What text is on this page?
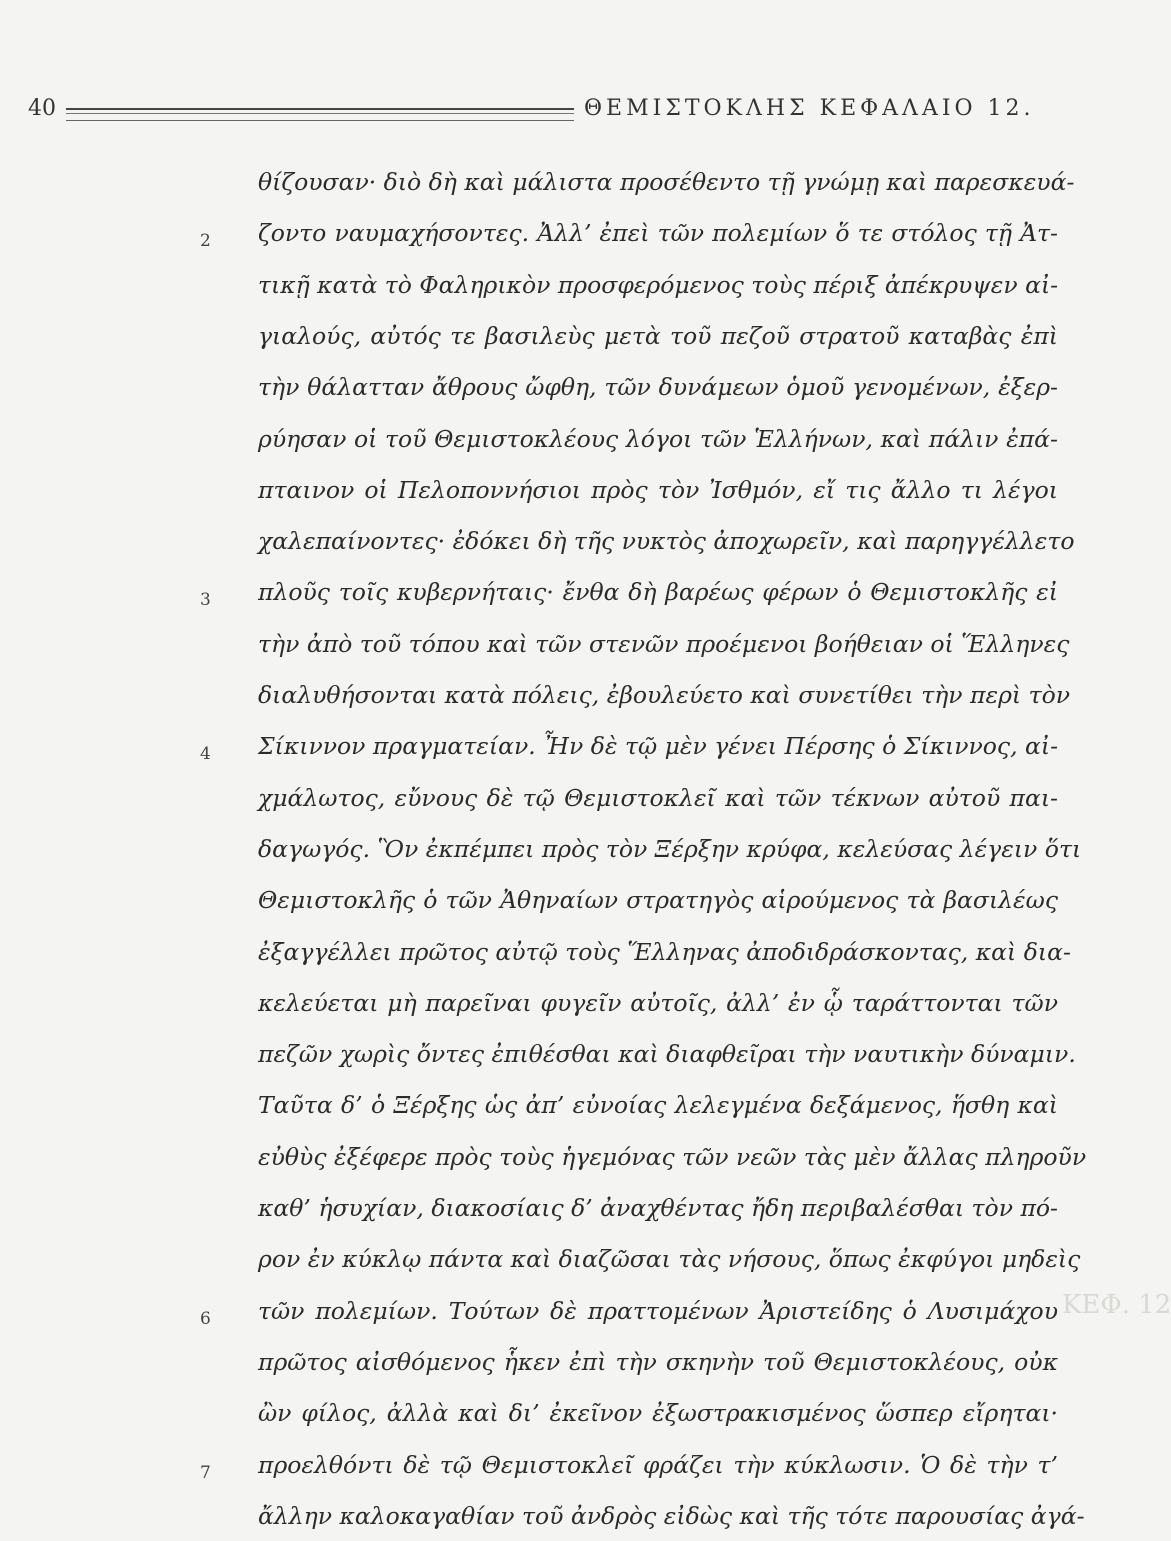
40	ΘΕΜΙΣΤΟΚΛΗΣ ΚΕΦΑΛΑΙΟ 12.
ΚΕΦ. 12
θίζουσαν· διὸ δὴ καὶ μάλιστα προσέθεντο τῇ γνώμῃ καὶ παρεσκευά-
ζοντο ναυμαχήσοντες. Ἀλλ’ ἐπεὶ τῶν πολεμίων ὅ τε στόλος τῇ Ἀτ-
2
τικῇ κατὰ τὸ Φαληρικὸν προσφερόμενος τοὺς πέριξ ἀπέκρυψεν αἰ-
γιαλούς, αὐτός τε βασιλεὺς μετὰ τοῦ πεζοῦ στρατοῦ καταβὰς ἐπὶ
τὴν θάλατταν ἄθρους ὤφθη, τῶν δυνάμεων ὁμοῦ γενομένων, ἐξερ-
ρύησαν οἱ τοῦ Θεμιστοκλέους λόγοι τῶν Ἑλλήνων, καὶ πάλιν ἐπά-
πταινον οἱ Πελοποννήσιοι πρὸς τὸν Ἰσθμόν, εἴ τις ἄλλο τι λέγοι
χαλεπαίνοντες· ἐδόκει δὴ τῆς νυκτὸς ἀποχωρεῖν, καὶ παρηγγέλλετο
πλοῦς τοῖς κυβερνήταις· ἔνθα δὴ βαρέως φέρων ὁ Θεμιστοκλῆς εἰ
3
τὴν ἀπὸ τοῦ τόπου καὶ τῶν στενῶν προέμενοι βοήθειαν οἱ Ἕλληνες
διαλυθήσονται κατὰ πόλεις, ἐβουλεύετο καὶ συνετίθει τὴν περὶ τὸν
Σίκιννον πραγματείαν. Ἦν δὲ τῷ μὲν γένει Πέρσης ὁ Σίκιννος, αἰ-
4
χμάλωτος, εὔνους δὲ τῷ Θεμιστοκλεῖ καὶ τῶν τέκνων αὐτοῦ παι-
δαγωγός. Ὃν ἐκπέμπει πρὸς τὸν Ξέρξην κρύφα, κελεύσας λέγειν ὅτι
Θεμιστοκλῆς ὁ τῶν Ἀθηναίων στρατηγὸς αἱρούμενος τὰ βασιλέως
ἐξαγγέλλει πρῶτος αὐτῷ τοὺς Ἕλληνας ἀποδιδράσκοντας, καὶ δια-
κελεύεται μὴ παρεῖναι φυγεῖν αὐτοῖς, ἀλλ’ ἐν ᾧ ταράττονται τῶν
πεζῶν χωρὶς ὄντες ἐπιθέσθαι καὶ διαφθεῖραι τὴν ναυτικὴν δύναμιν.
Ταῦτα δ’ ὁ Ξέρξης ὡς ἀπ’ εὐνοίας λελεγμένα δεξάμενος, ἥσθη καὶ
εὐθὺς ἐξέφερε πρὸς τοὺς ἡγεμόνας τῶν νεῶν τὰς μὲν ἄλλας πληροῦν
καθ’ ἡσυχίαν, διακοσίαις δ’ ἀναχθέντας ἤδη περιβαλέσθαι τὸν πό-
ρον ἐν κύκλῳ πάντα καὶ διαζῶσαι τὰς νήσους, ὅπως ἐκφύγοι μηδεὶς
τῶν πολεμίων. Τούτων δὲ πραττομένων Ἀριστείδης ὁ Λυσιμάχου
6
πρῶτος αἰσθόμενος ἧκεν ἐπὶ τὴν σκηνὴν τοῦ Θεμιστοκλέους, οὐκ
ὢν φίλος, ἀλλὰ καὶ δι’ ἐκεῖνον ἐξωστρακισμένος ὥσπερ εἴρηται·
προελθόντι δὲ τῷ Θεμιστοκλεῖ φράζει τὴν κύκλωσιν. Ὁ δὲ τὴν τ’
7
ἄλλην καλοκαγαθίαν τοῦ ἀνδρὸς εἰδὼς καὶ τῆς τότε παρουσίας ἀγά-
